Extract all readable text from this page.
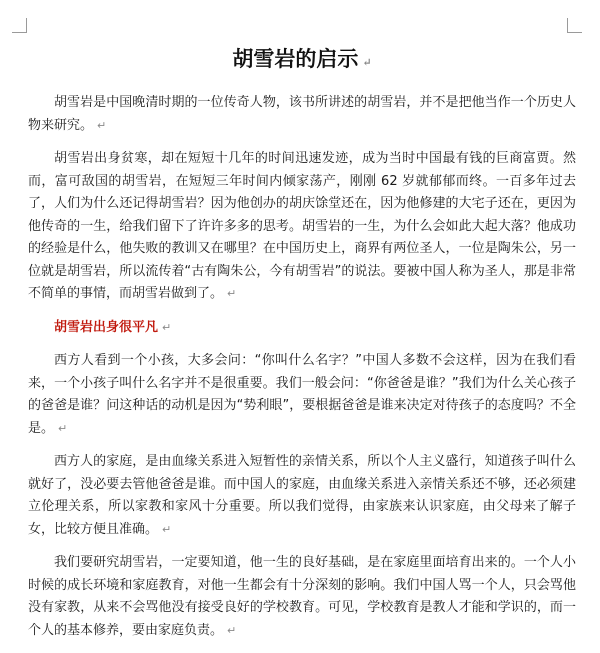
胡雪岩的启示 ↵

胡雪岩是中国晚清时期的一位传奇人物，该书所讲述的胡雪岩，并不是把他当作一个历史人物来研究。 ↵

胡雪岩出身贫寒，却在短短十几年的时间迅速发迹，成为当时中国最有钱的巨商富贾。然而，富可敌国的胡雪岩，在短短三年时间内倾家荡产，刚刚 62 岁就郁郁而终。一百多年过去了，人们为什么还记得胡雪岩？因为他创办的胡庆馀堂还在，因为他修建的大宅子还在，更因为他传奇的一生，给我们留下了许许多多的思考。胡雪岩的一生，为什么会如此大起大落？他成功的经验是什么，他失败的教训又在哪里？在中国历史上，商界有两位圣人，一位是陶朱公，另一位就是胡雪岩，所以流传着“古有陶朱公，今有胡雪岩”的说法。要被中国人称为圣人，那是非常不简单的事情，而胡雪岩做到了。 ↵

胡雪岩出身很平凡 ↵

西方人看到一个小孩，大多会问：“你叫什么名字？”中国人多数不会这样，因为在我们看来，一个小孩子叫什么名字并不是很重要。我们一般会问：“你爸爸是谁？”我们为什么关心孩子的爸爸是谁？问这种话的动机是因为“势利眼”，要根据爸爸是谁来决定对待孩子的态度吗？不全是。 ↵

西方人的家庭，是由血缘关系进入短暂性的亲情关系，所以个人主义盛行，知道孩子叫什么就好了，没必要去管他爸爸是谁。而中国人的家庭，由血缘关系进入亲情关系还不够，还必须建立伦理关系，所以家教和家风十分重要。所以我们觉得，由家族来认识家庭，由父母来了解子女，比较方便且准确。 ↵

我们要研究胡雪岩，一定要知道，他一生的良好基础，是在家庭里面培育出来的。一个人小时候的成长环境和家庭教育，对他一生都会有十分深刻的影响。我们中国人骂一个人，只会骂他没有家教，从来不会骂他没有接受良好的学校教育。可见，学校教育是教人才能和学识的，而一个人的基本修养，要由家庭负责。 ↵
